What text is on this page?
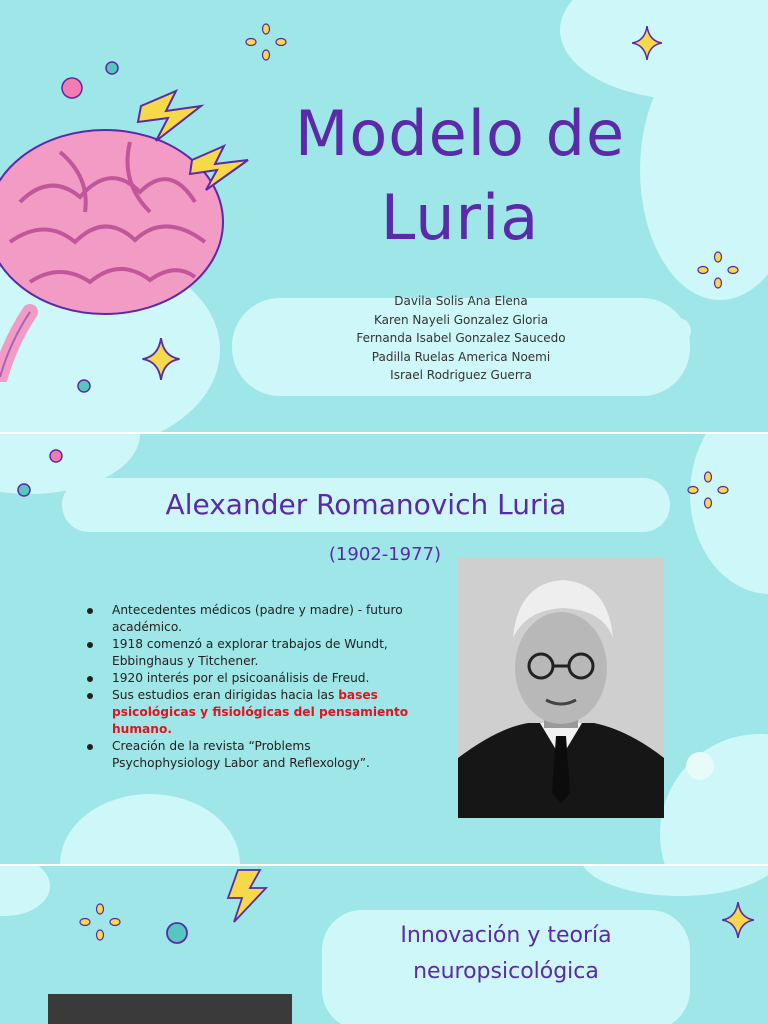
Modelo de
Luria
Davila Solis Ana Elena
Karen Nayeli Gonzalez Gloria
Fernanda Isabel Gonzalez Saucedo
Padilla Ruelas America Noemi
Israel Rodriguez Guerra
Alexander Romanovich Luria
(1902-1977)
Antecedentes médicos (padre y madre) - futuro académico.
1918 comenzó a explorar trabajos de Wundt, Ebbinghaus y Titchener.
1920 interés por el psicoanálisis de Freud.
Sus estudios eran dirigidas hacia las bases psicológicas y fisiológicas del pensamiento humano.
Creación de la revista “Problems Psychophysiology Labor and Reflexology”.
Innovación y teoría
neuropsicológica
